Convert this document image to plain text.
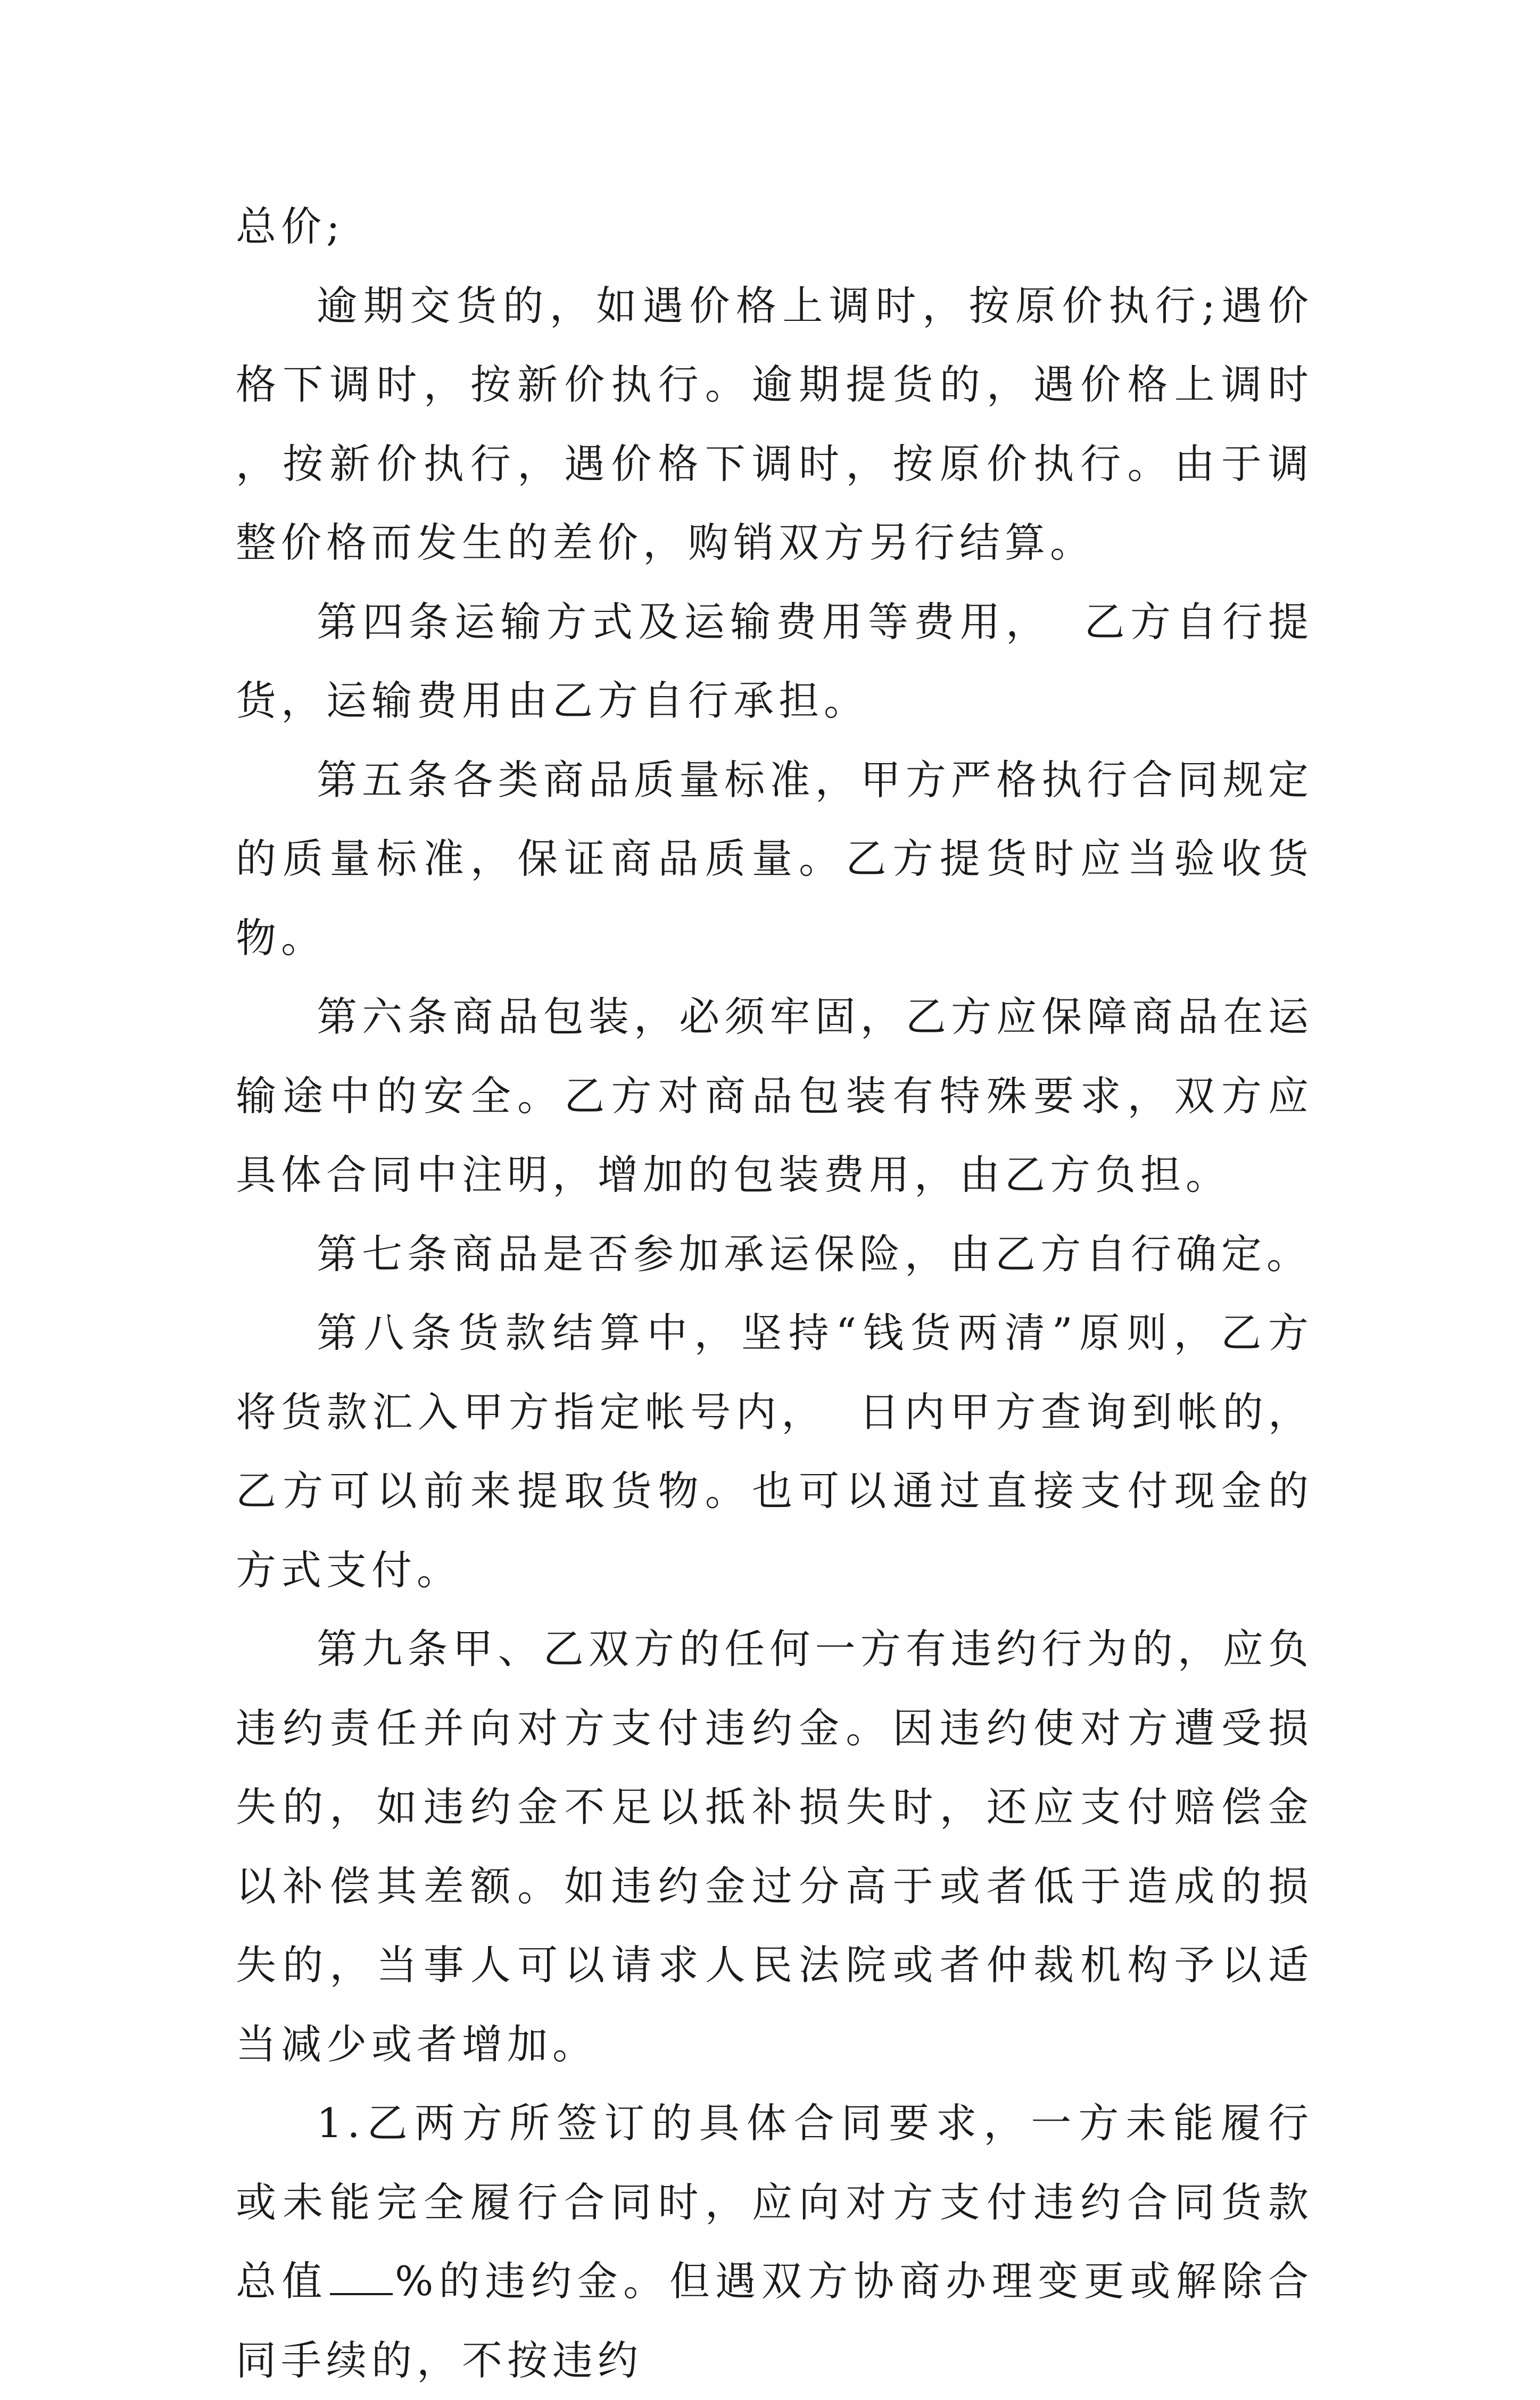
总价;

逾期交货的，如遇价格上调时，按原价执行;遇价格下调时，按新价执行。逾期提货的，遇价格上调时，按新价执行，遇价格下调时，按原价执行。由于调整价格而发生的差价，购销双方另行结算。

第四条运输方式及运输费用等费用， 乙方自行提货，运输费用由乙方自行承担。

第五条各类商品质量标准，甲方严格执行合同规定的质量标准，保证商品质量。乙方提货时应当验收货物。

第六条商品包装，必须牢固，乙方应保障商品在运输途中的安全。乙方对商品包装有特殊要求，双方应具体合同中注明，增加的包装费用，由乙方负担。

第七条商品是否参加承运保险，由乙方自行确定。

第八条货款结算中，坚持“钱货两清”原则，乙方将货款汇入甲方指定帐号内， 日内甲方查询到帐的，乙方可以前来提取货物。也可以通过直接支付现金的方式支付。

第九条甲、乙双方的任何一方有违约行为的，应负违约责任并向对方支付违约金。因违约使对方遭受损失的，如违约金不足以抵补损失时，还应支付赔偿金以补偿其差额。如违约金过分高于或者低于造成的损失的，当事人可以请求人民法院或者仲裁机构予以适当减少或者增加。

1.乙两方所签订的具体合同要求，一方未能履行或未能完全履行合同时，应向对方支付违约合同货款总值 %的违约金。但遇双方协商办理变更或解除合同手续的，不按违约
